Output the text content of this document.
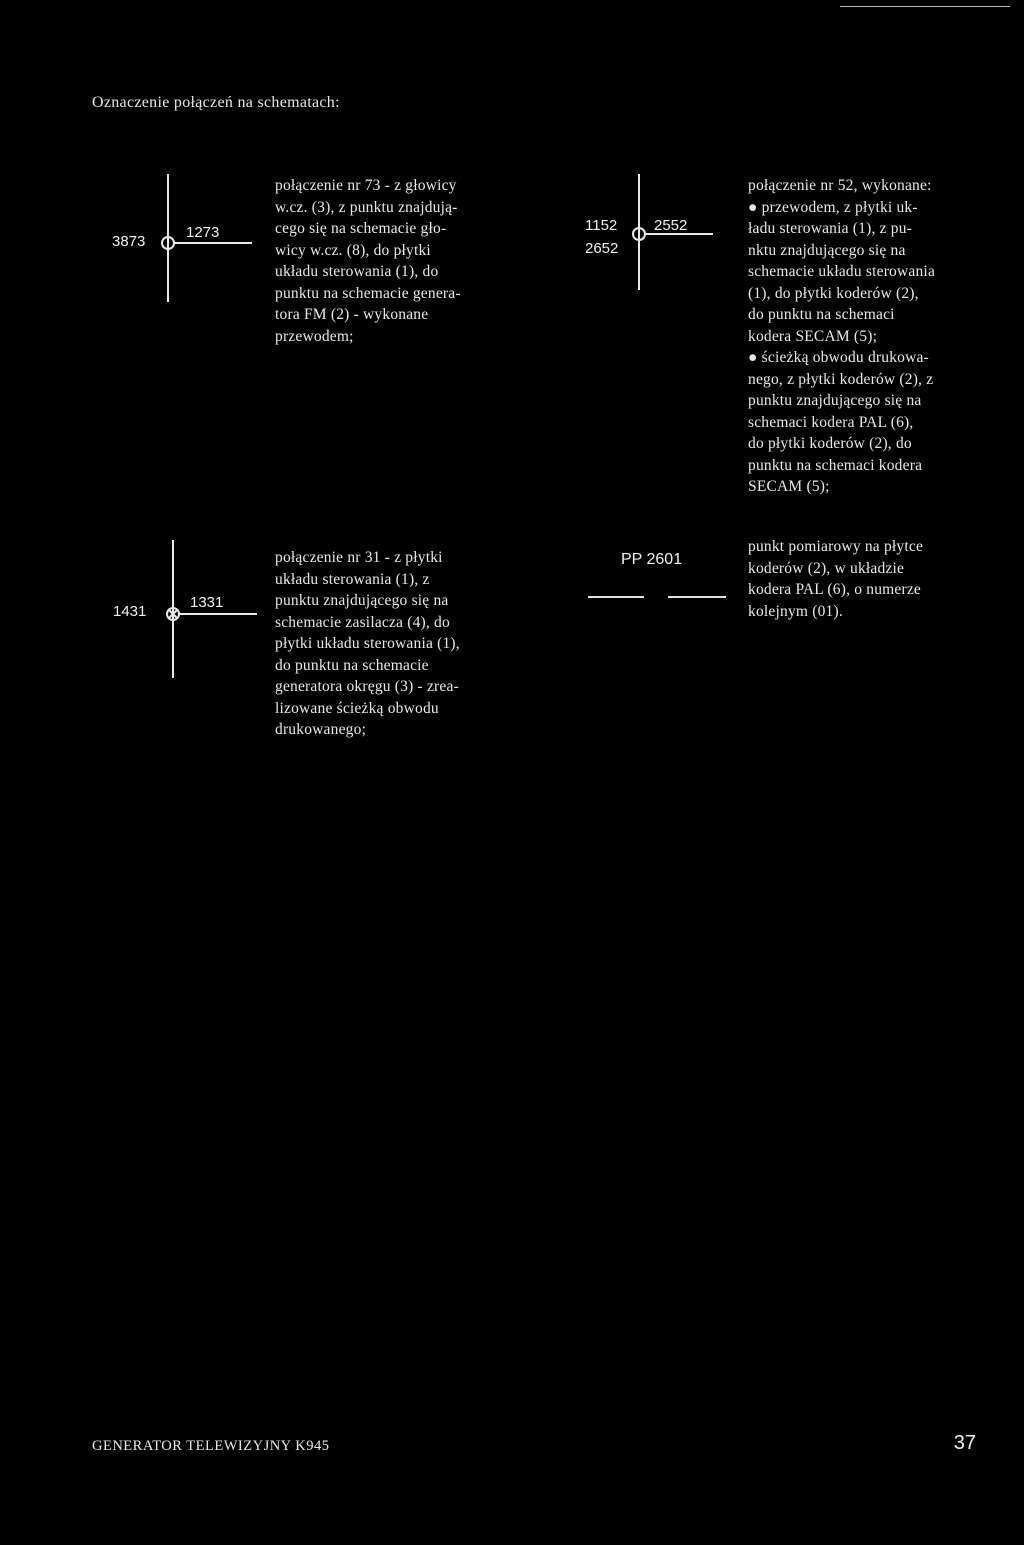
Oznaczenie połączeń na schematach:
3873
1273
połączenie nr 73 - z głowicy
w.cz. (3), z punktu znajdują-
cego się na schemacie gło-
wicy w.cz. (8), do płytki
układu sterowania (1), do
punktu na schemacie genera-
tora FM (2) - wykonane
przewodem;
1152
2652
2552
połączenie nr 52, wykonane:
● przewodem, z płytki uk-
ładu sterowania (1), z pu-
nktu znajdującego się na
schemacie układu sterowania
(1), do płytki koderów (2),
do punktu na schemaci
kodera SECAM (5);
● ścieżką obwodu drukowa-
nego, z płytki koderów (2), z
punktu znajdującego się na
schemaci kodera PAL (6),
do płytki koderów (2), do
punktu na schemaci kodera
SECAM (5);
1431
1331
połączenie nr 31 - z płytki
układu sterowania (1), z
punktu znajdującego się na
schemacie zasilacza (4), do
płytki układu sterowania (1),
do punktu na schemacie
generatora okręgu (3) - zrea-
lizowane ścieżką obwodu
drukowanego;
PP 2601
punkt pomiarowy na płytce
koderów (2), w układzie
kodera PAL (6), o numerze
kolejnym (01).
GENERATOR TELEWIZYJNY K945	37
